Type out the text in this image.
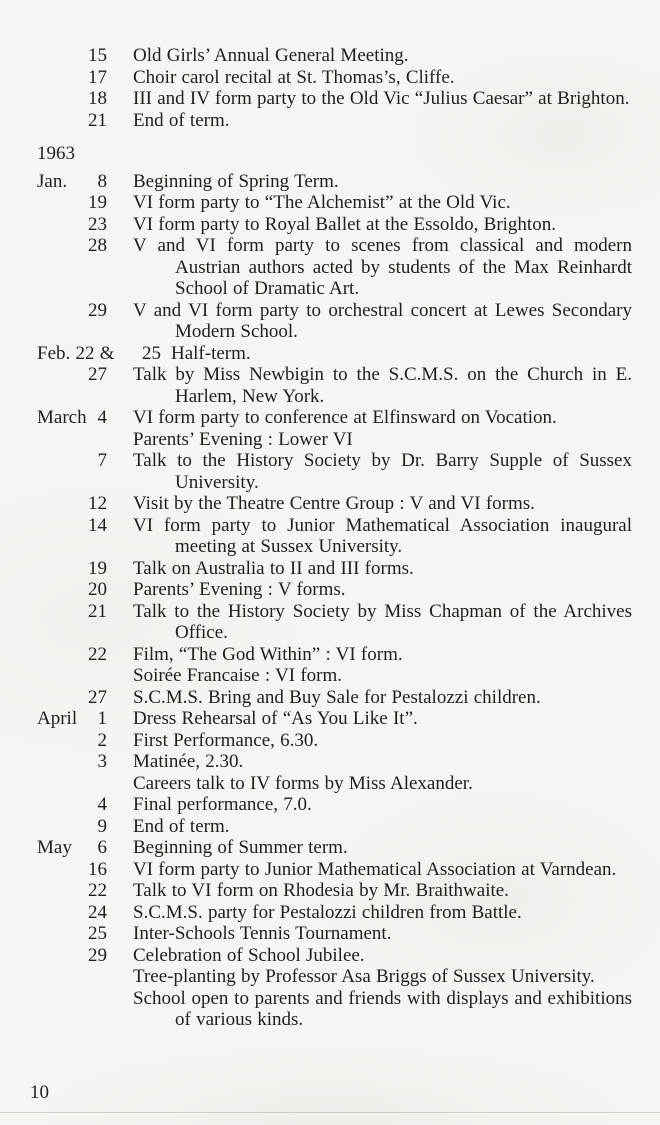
15 Old Girls’ Annual General Meeting.

17 Choir carol recital at St. Thomas’s, Cliffe.

18 III and IV form party to the Old Vic “Julius Caesar” at Brighton.

21 End of term.

1963
Jan.	8 Beginning of Spring Term.

19 VI form party to “The Alchemist” at the Old Vic.

23 VI form party to Royal Ballet at the Essoldo, Brighton.

28 V and VI form party to scenes from classical and modern Austrian authors acted by students of the Max Reinhardt School of Dramatic Art.

29 V and VI form party to orchestral concert at Lewes Secondary Modern School.

Feb. 22 &	25 Half-term.

27 Talk by Miss Newbigin to the S.C.M.S. on the Church in E. Harlem, New York.

March 4 VI form party to conference at Elfinsward on Vocation.

Parents’ Evening : Lower VI

7 Talk to the History Society by Dr. Barry Supple of Sussex University.

12 Visit by the Theatre Centre Group : V and VI forms.

14 VI form party to Junior Mathematical Association inaugural meeting at Sussex University.

19 Talk on Australia to II and III forms.

20 Parents’ Evening : V forms.

21 Talk to the History Society by Miss Chapman of the Archives Office.

22 Film, “The God Within” : VI form.

Soirée Francaise : VI form.

27 S.C.M.S. Bring and Buy Sale for Pestalozzi children.

April	1 Dress Rehearsal of “As You Like It”.

2 First Performance, 6.30.

3 Matinée, 2.30.

Careers talk to IV forms by Miss Alexander.

4 Final performance, 7.0.

9 End of term.

May	6 Beginning of Summer term.

16 VI form party to Junior Mathematical Association at Varndean.

22 Talk to VI form on Rhodesia by Mr. Braithwaite.

24 S.C.M.S. party for Pestalozzi children from Battle.

25 Inter-Schools Tennis Tournament.

29 Celebration of School Jubilee.

Tree-planting by Professor Asa Briggs of Sussex University.

School open to parents and friends with displays and exhibitions of various kinds.

10
